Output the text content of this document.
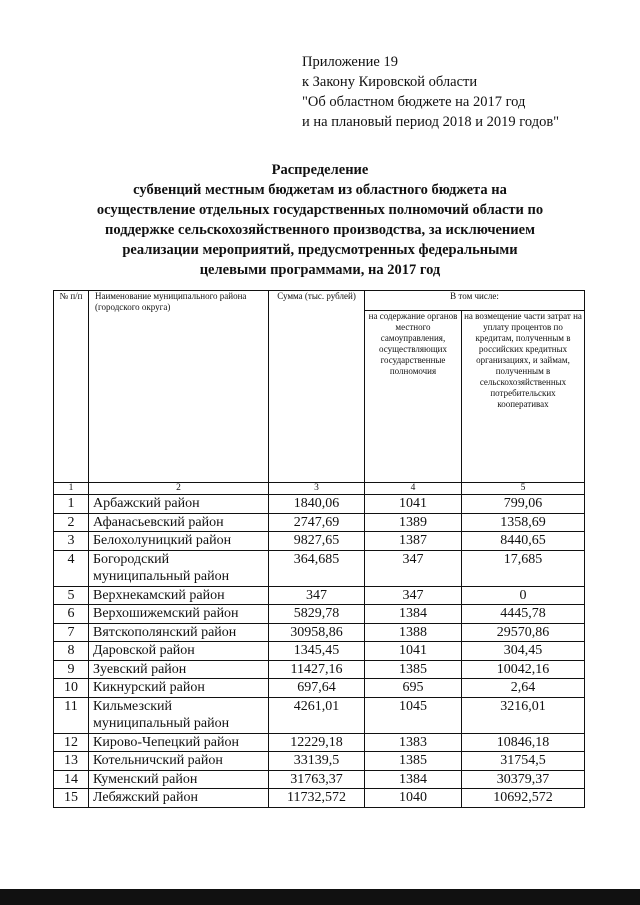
Приложение 19
к Закону Кировской области
"Об областном бюджете на 2017 год
и на плановый период 2018 и 2019 годов"
Распределение
субвенций местным бюджетам из областного бюджета на
осуществление отдельных государственных полномочий области по
поддержке сельскохозяйственного производства, за исключением
реализации мероприятий, предусмотренных федеральными
целевыми программами, на 2017 год
№ п/п	Наименование муниципального района (городского округа)	Сумма (тыс. рублей)	В том числе:	
			на содержание органов местного самоуправления, осуществляющих государственные полномочия	на возмещение части затрат на уплату процентов по кредитам, полученным в российских кредитных организациях, и займам, полученным в сельскохозяйственных потребительских кооперативах
1	2	3	4	5
1	Арбажский район	1840,06	1041	799,06
2	Афанасьевский район	2747,69	1389	1358,69
3	Белохолуницкий район	9827,65	1387	8440,65
4	Богородский муниципальный район	364,685	347	17,685
5	Верхнекамский район	347	347	0
6	Верхошижемский район	5829,78	1384	4445,78
7	Вятскополянский район	30958,86	1388	29570,86
8	Даровской район	1345,45	1041	304,45
9	Зуевский район	11427,16	1385	10042,16
10	Кикнурский район	697,64	695	2,64
11	Кильмезский муниципальный район	4261,01	1045	3216,01
12	Кирово-Чепецкий район	12229,18	1383	10846,18
13	Котельничский район	33139,5	1385	31754,5
14	Куменский район	31763,37	1384	30379,37
15	Лебяжский район	11732,572	1040	10692,572
